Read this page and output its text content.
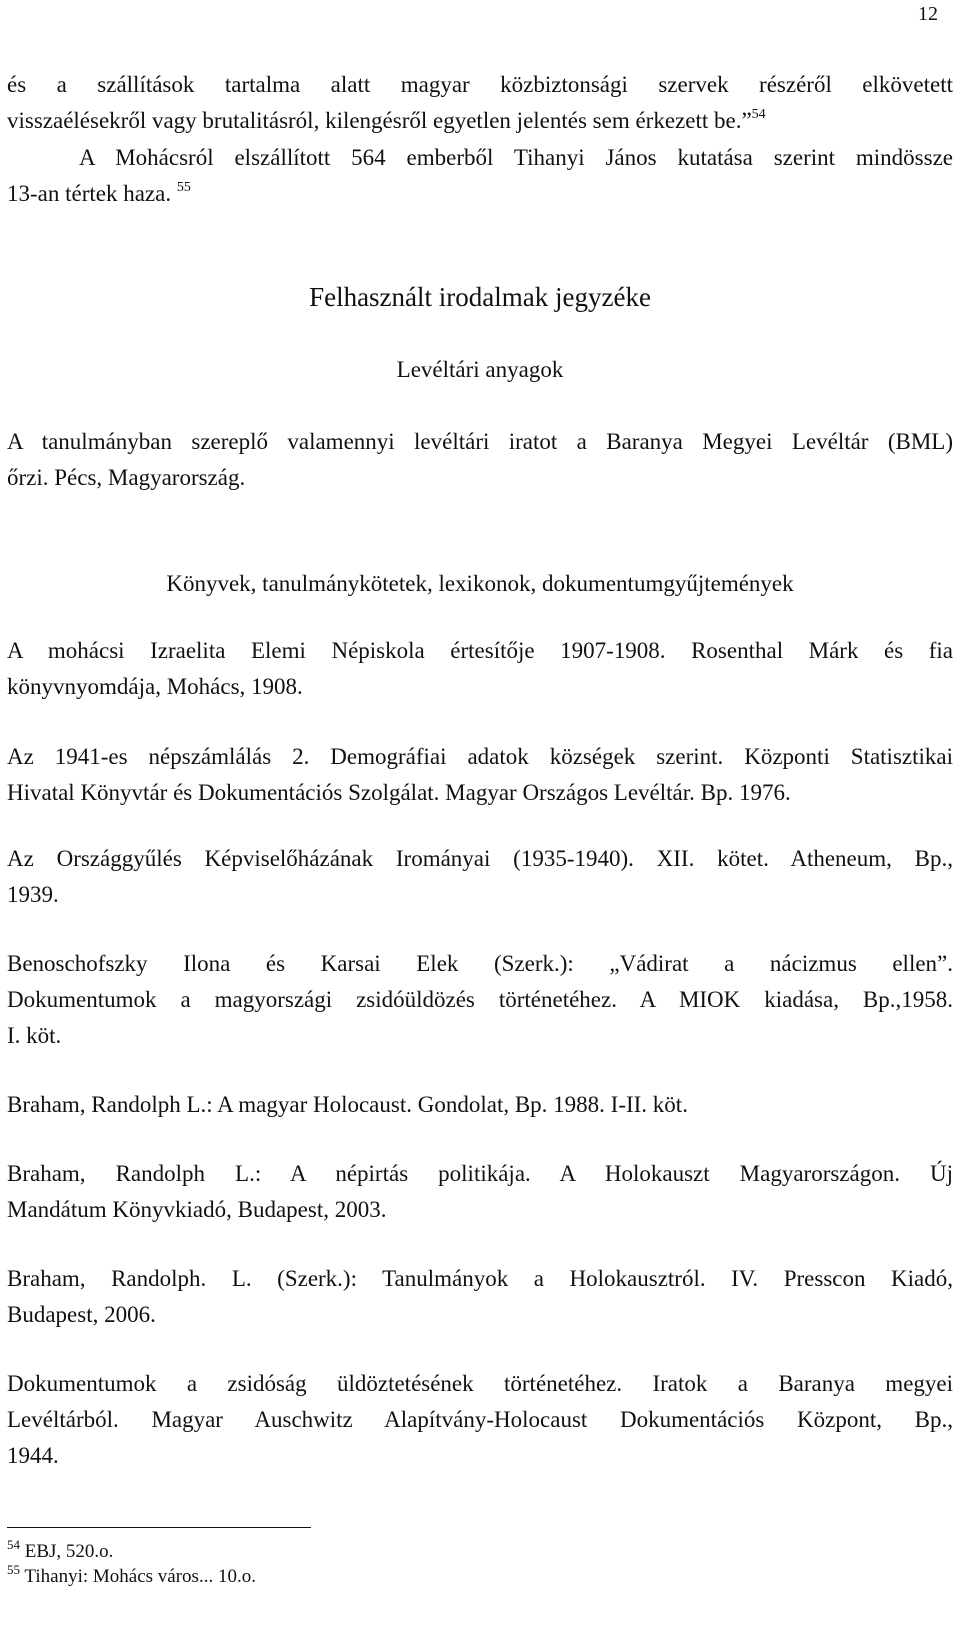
12
és a szállítások tartalma alatt magyar közbiztonsági szervek részéről elkövetett
visszaélésekről vagy brutalitásról, kilengésről egyetlen jelentés sem érkezett be.”$^{54}$
A Mohácsról elszállított 564 emberből Tihanyi János kutatása szerint mindössze
13-an tértek haza. $^{55}$
Felhasznált irodalmak jegyzéke
Levéltári anyagok
A tanulmányban szereplő valamennyi levéltári iratot a Baranya Megyei Levéltár (BML)
őrzi. Pécs, Magyarország.
Könyvek, tanulmánykötetek, lexikonok, dokumentumgyűjtemények
A mohácsi Izraelita Elemi Népiskola értesítője 1907-1908. Rosenthal Márk és fia
könyvnyomdája, Mohács, 1908.
Az 1941-es népszámlálás 2. Demográfiai adatok községek szerint. Központi Statisztikai
Hivatal Könyvtár és Dokumentációs Szolgálat. Magyar Országos Levéltár. Bp. 1976.
Az Országgyűlés Képviselőházának Irományai (1935-1940). XII. kötet. Atheneum, Bp.,
1939.
Benoschofszky Ilona és Karsai Elek (Szerk.): „Vádirat a nácizmus ellen”.
Dokumentumok a magyországi zsidóüldözés történetéhez. A MIOK kiadása, Bp.,1958.
I. köt.
Braham, Randolph L.: A magyar Holocaust. Gondolat, Bp. 1988. I-II. köt.
Braham, Randolph L.: A népirtás politikája. A Holokauszt Magyarországon. Új
Mandátum Könyvkiadó, Budapest, 2003.
Braham, Randolph. L. (Szerk.): Tanulmányok a Holokausztról. IV. Presscon Kiadó,
Budapest, 2006.
Dokumentumok a zsidóság üldöztetésének történetéhez. Iratok a Baranya megyei
Levéltárból. Magyar Auschwitz Alapítvány-Holocaust Dokumentációs Központ, Bp.,
1944.
$^{54}$ EBJ, 520.o.
$^{55}$ Tihanyi: Mohács város... 10.o.
